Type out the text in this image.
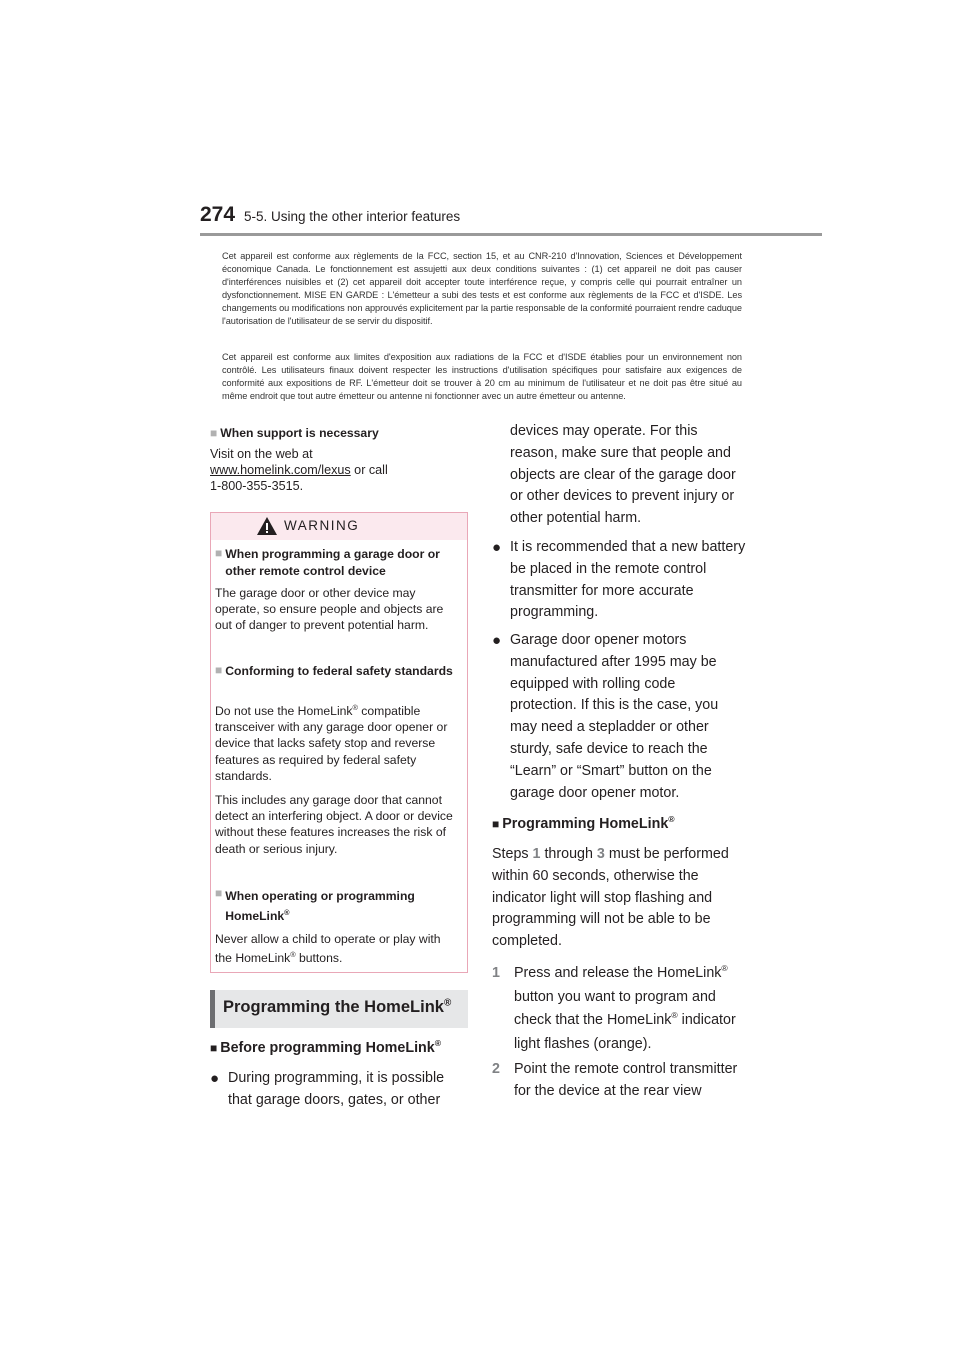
274 5-5. Using the other interior features
Cet appareil est conforme aux règlements de la FCC, section 15, et au CNR-210 d'Innovation, Sciences et Développement économique Canada. Le fonctionnement est assujetti aux deux conditions suivantes : (1) cet appareil ne doit pas causer d'interférences nuisibles et (2) cet appareil doit accepter toute interférence reçue, y compris celle qui pourrait entraîner un dysfonctionnement. MISE EN GARDE : L'émetteur a subi des tests et est conforme aux règlements de la FCC et d'ISDE. Les changements ou modifications non approuvés explicitement par la partie responsable de la conformité pourraient rendre caduque l'autorisation de l'utilisateur de se servir du dispositif.
Cet appareil est conforme aux limites d'exposition aux radiations de la FCC et d'ISDE établies pour un environnement non contrôlé. Les utilisateurs finaux doivent respecter les instructions d'utilisation spécifiques pour satisfaire aux exigences de conformité aux expositions de RF. L'émetteur doit se trouver à 20 cm au minimum de l'utilisateur et ne doit pas être situé au même endroit que tout autre émetteur ou antenne ni fonctionner avec un autre émetteur ou antenne.
■ When support is necessary
Visit on the web at
www.homelink.com/lexus or call
1-800-355-3515.
WARNING
■ When programming a garage door or other remote control device
The garage door or other device may operate, so ensure people and objects are out of danger to prevent potential harm.
■ Conforming to federal safety standards
Do not use the HomeLink® compatible transceiver with any garage door opener or device that lacks safety stop and reverse features as required by federal safety standards.
This includes any garage door that cannot detect an interfering object. A door or device without these features increases the risk of death or serious injury.
■ When operating or programming HomeLink®
Never allow a child to operate or play with the HomeLink® buttons.
Programming the HomeLink®
■ Before programming HomeLink®
● During programming, it is possible that garage doors, gates, or other
devices may operate. For this reason, make sure that people and objects are clear of the garage door or other devices to prevent injury or other potential harm.
● It is recommended that a new battery be placed in the remote control transmitter for more accurate programming.
● Garage door opener motors manufactured after 1995 may be equipped with rolling code protection. If this is the case, you may need a stepladder or other sturdy, safe device to reach the “Learn” or “Smart” button on the garage door opener motor.
■ Programming HomeLink®
Steps 1 through 3 must be performed within 60 seconds, otherwise the indicator light will stop flashing and programming will not be able to be completed.
1 Press and release the HomeLink® button you want to program and check that the HomeLink® indicator light flashes (orange).
2 Point the remote control transmitter for the device at the rear view
